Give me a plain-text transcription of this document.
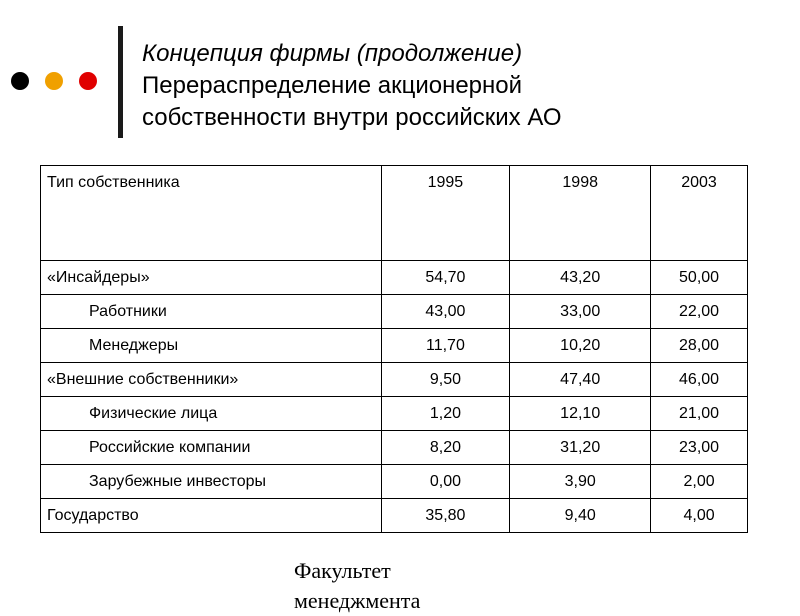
Концепция фирмы (продолжение)
Перераспределение акционерной
собственности внутри российских АО
Тип собственника	1995	1998	2003
«Инсайдеры»	54,70	43,20	50,00
Работники	43,00	33,00	22,00
Менеджеры	11,70	10,20	28,00
«Внешние собственники»	9,50	47,40	46,00
Физические лица	1,20	12,10	21,00
Российские компании	8,20	31,20	23,00
Зарубежные инвесторы	0,00	3,90	2,00
Государство	35,80	9,40	4,00
Факультет
менеджмента
